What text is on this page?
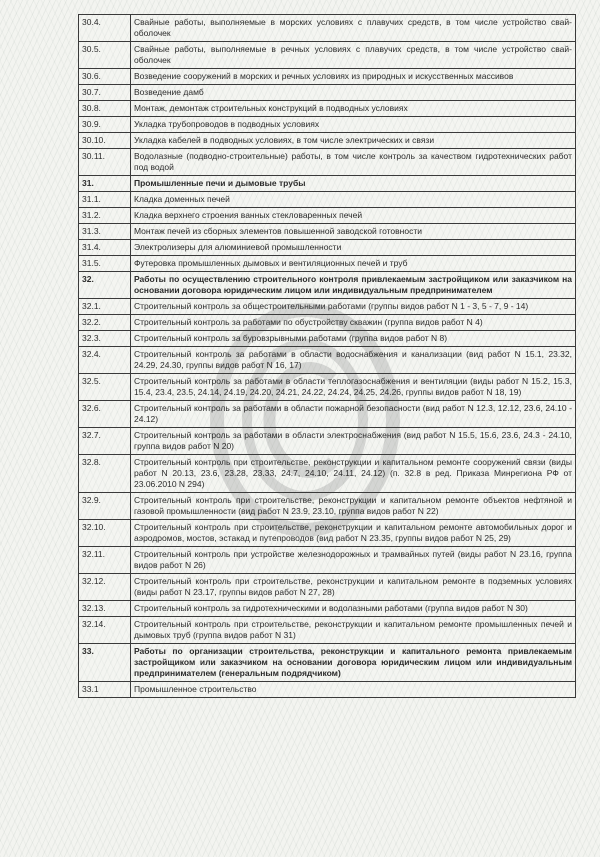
30.4.	Свайные работы, выполняемые в морских условиях с плавучих средств, в том числе устройство свай-оболочек
30.5.	Свайные работы, выполняемые в речных условиях с плавучих средств, в том числе устройство свай-оболочек
30.6.	Возведение сооружений в морских и речных условиях из природных и искусственных массивов
30.7.	Возведение дамб
30.8.	Монтаж, демонтаж строительных конструкций в подводных условиях
30.9.	Укладка трубопроводов в подводных условиях
30.10.	Укладка кабелей в подводных условиях, в том числе электрических и связи
30.11.	Водолазные (подводно-строительные) работы, в том числе контроль за качеством гидротехнических работ под водой
31.	Промышленные печи и дымовые трубы
31.1.	Кладка доменных печей
31.2.	Кладка верхнего строения ванных стекловаренных печей
31.3.	Монтаж печей из сборных элементов повышенной заводской готовности
31.4.	Электролизеры для алюминиевой промышленности
31.5.	Футеровка промышленных дымовых и вентиляционных печей и труб
32.	Работы по осуществлению строительного контроля привлекаемым застройщиком или заказчиком на основании договора юридическим лицом или индивидуальным предпринимателем
32.1.	Строительный контроль за общестроительными работами (группы видов работ N 1 - 3, 5 - 7, 9 - 14)
32.2.	Строительный контроль за работами по обустройству скважин (группа видов работ N 4)
32.3.	Строительный контроль за буровзрывными работами (группа видов работ N 8)
32.4.	Строительный контроль за работами в области водоснабжения и канализации (вид работ N 15.1, 23.32, 24.29, 24.30, группы видов работ N 16, 17)
32.5.	Строительный контроль за работами в области теплогазоснабжения и вентиляции (виды работ N 15.2, 15.3, 15.4, 23.4, 23.5, 24.14, 24.19, 24.20, 24.21, 24.22, 24.24, 24.25, 24.26, группы видов работ N 18, 19)
32.6.	Строительный контроль за работами в области пожарной безопасности (вид работ N 12.3, 12.12, 23.6, 24.10 - 24.12)
32.7.	Строительный контроль за работами в области электроснабжения (вид работ N 15.5, 15.6, 23.6, 24.3 - 24.10, группа видов работ N 20)
32.8.	Строительный контроль при строительстве, реконструкции и капитальном ремонте сооружений связи (виды работ N 20.13, 23.6, 23.28, 23.33, 24.7, 24.10, 24.11, 24.12) (п. 32.8 в ред. Приказа Минрегиона РФ от 23.06.2010 N 294)
32.9.	Строительный контроль при строительстве, реконструкции и капитальном ремонте объектов нефтяной и газовой промышленности (вид работ N 23.9, 23.10, группа видов работ N 22)
32.10.	Строительный контроль при строительстве, реконструкции и капитальном ремонте автомобильных дорог и аэродромов, мостов, эстакад и путепроводов (вид работ N 23.35, группы видов работ N 25, 29)
32.11.	Строительный контроль при устройстве железнодорожных и трамвайных путей (виды работ N 23.16, группа видов работ N 26)
32.12.	Строительный контроль при строительстве, реконструкции и капитальном ремонте в подземных условиях (виды работ N 23.17, группы видов работ N 27, 28)
32.13.	Строительный контроль за гидротехническими и водолазными работами (группа видов работ N 30)
32.14.	Строительный контроль при строительстве, реконструкции и капитальном ремонте промышленных печей и дымовых труб (группа видов работ N 31)
33.	Работы по организации строительства, реконструкции и капитального ремонта привлекаемым застройщиком или заказчиком на основании договора юридическим лицом или индивидуальным предпринимателем (генеральным подрядчиком)
33.1	Промышленное строительство
